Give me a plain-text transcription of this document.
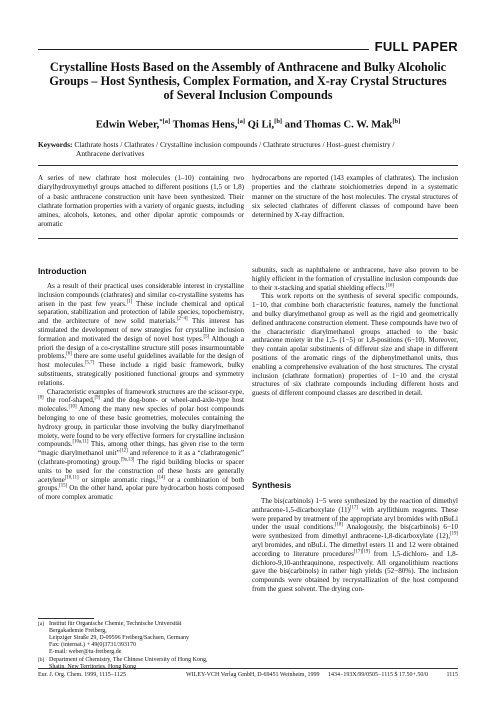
FULL PAPER
Crystalline Hosts Based on the Assembly of Anthracene and Bulky Alcoholic Groups – Host Synthesis, Complex Formation, and X-ray Crystal Structures of Several Inclusion Compounds
Edwin Weber,$^{*[a]}$ Thomas Hens,[a] Qi Li,[b] and Thomas C. W. Mak[b]
Keywords: Clathrate hosts / Clathrates / Crystalline inclusion compounds / Clathrate structures / Host–guest chemistry /
Anthracene derivatives
A series of new clathrate host molecules (1–10) containing two diarylhydroxymethyl groups attached to different positions (1,5 or 1,8) of a basic anthracene construction unit have been synthesized. Their clathrate formation properties with a variety of organic guests, including amines, alcohols, ketones, and other dipolar aprotic compounds or aromatic
hydrocarbons are reported (143 examples of clathrates). The inclusion properties and the clathrate stoichiometries depend in a systematic manner on the structure of the host molecules. The crystal structures of six selected clathrates of different classes of compound have been determined by X-ray diffraction.
Introduction

As a result of their practical uses considerable interest in crystalline inclusion compounds (clathrates) and similar co-crystalline systems has arisen in the past few years.[1] These include chemical and optical separation, stabilization and protection of labile species, topochemistry, and the architecture of new solid materials.[2−4] This interest has stimulated the development of new strategies for crystalline inclusion formation and motivated the design of novel host types.[5] Although a priori the design of a co-crystalline structure still poses insurmountable problems,[6] there are some useful guidelines available for the design of host molecules.[5,7] These include a rigid basic framework, bulky substituents, strategically positioned functional groups and symmetry relations.

Characteristic examples of framework structures are the scissor-type,[8] the roof-shaped,[9] and the dog-bone- or wheel-and-axle-type host molecules.[10] Among the many new species of polar host compounds belonging to one of these basic geometries, molecules containing the hydroxy group, in particular those involving the bulky diarylmethanol moiety, were found to be very effective formers for crystalline inclusion compounds.[10a,11] This, among other things, has given rise to the term “magic diarylmethanol unit”[12] and reference to it as a “clathratogenic” (clathrate-promoting) group.[9a,13] The rigid building blocks or spacer units to be used for the construction of these hosts are generally acetylene[10,11] or simple aromatic rings,[14] or a combination of both groups.[15] On the other hand, apolar pure hydrocarbon hosts composed of more complex aromatic

subunits, such as naphthalene or anthracene, have also proven to be highly efficient in the formation of crystalline inclusion compounds due to their π-stacking and spatial shielding effects.[16]

This work reports on the synthesis of several specific compounds, 1−10, that combine both characteristic features, namely the functional and bulky diarylmethanol group as well as the rigid and geometrically defined anthracene construction element. These compounds have two of the characteristic diarylmethanol groups attached to the basic anthracene moiety in the 1,5- (1−5) or 1,8-positions (6−10). Moreover, they contain apolar substituents of different size and shape in different positions of the aromatic rings of the diphenylmethanol units, thus enabling a comprehensive evaluation of the host structures. The crystal inclusion (clathrate formation) properties of 1−10 and the crystal structures of six clathrate compounds including different hosts and guests of different compound classes are described in detail.

Synthesis

The bis(carbinols) 1−5 were synthesized by the reaction of dimethyl anthracene-1,5-dicarboxylate (11)[17] with aryllithium reagents. These were prepared by treatment of the appropriate aryl bromides with nBuLi under the usual conditions.[18] Analogously, the bis(carbinols) 6−10 were synthesized from dimethyl anthracene-1,8-dicarboxylate (12),[19] aryl bromides, and nBuLi. The dimethyl esters 11 and 12 were obtained according to literature procedures[17][19] from 1,5-dichloro- and 1,8-dichloro-9,10-anthraquinone, respectively. All organolithium reactions gave the bis(carbinols) in rather high yields (52−80%). The inclusion compounds were obtained by recrystallization of the host compound from the guest solvent. The drying con-

[a] Institut für Organische Chemie, Technische Universität
Bergakademie Freiberg,
Leipziger Straße 29, D-09596 Freiberg/Sachsen, Germany
Fax: (internat.) + 49(0)3731/393170
E-mail: weber@tu-freiberg.de
[b] Department of Chemistry, The Chinese University of Hong Kong,
Eur. J. Org. Chem. 1999, 1115−1125	WILEY-VCH Verlag GmbH, D-69451 Weinheim, 1999 1434−193X/99/0505−1115 $ 17.50+.50/0	1115
